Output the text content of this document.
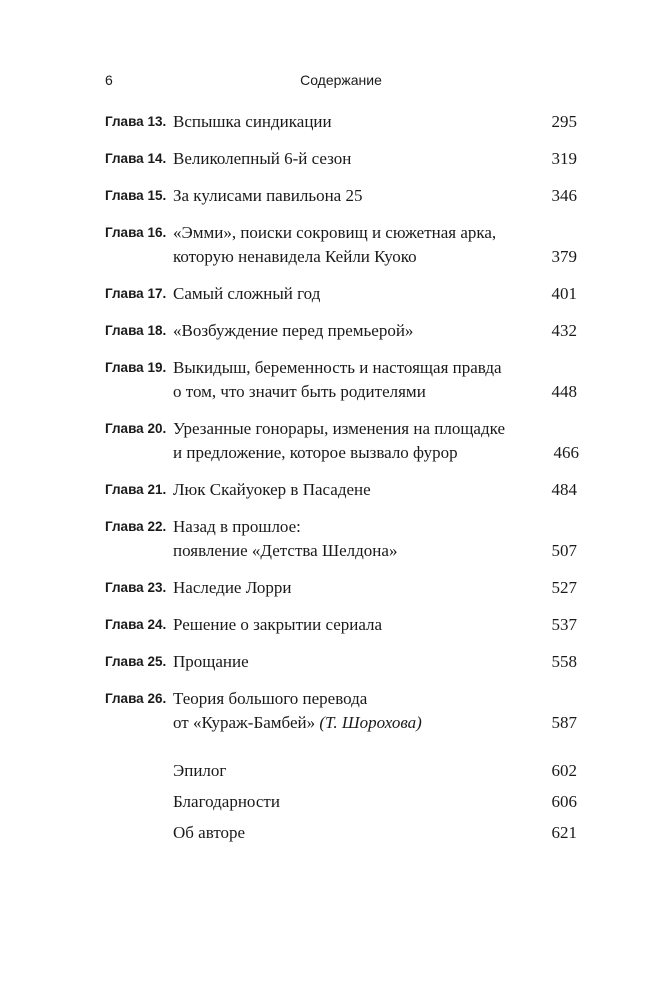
6	Содержание
Глава 13. Вспышка синдикации	295
Глава 14. Великолепный 6-й сезон	319
Глава 15. За кулисами павильона 25	346
Глава 16. «Эмми», поиски сокровищ и сюжетная арка,
которую ненавидела Кейли Куоко	379
Глава 17. Самый сложный год	401
Глава 18. «Возбуждение перед премьерой»	432
Глава 19. Выкидыш, беременность и настоящая правда
о том, что значит быть родителями	448
Глава 20. Урезанные гонорары, изменения на площадке
и предложение, которое вызвало фурор	466
Глава 21. Люк Скайуокер в Пасадене	484
Глава 22. Назад в прошлое:
появление «Детства Шелдона»	507
Глава 23. Наследие Лорри	527
Глава 24. Решение о закрытии сериала	537
Глава 25. Прощание	558
Глава 26. Теория большого перевода
от «Кураж-Бамбей» (Т. Шорохова)	587
Эпилог	602
Благодарности	606
Об авторе	621
